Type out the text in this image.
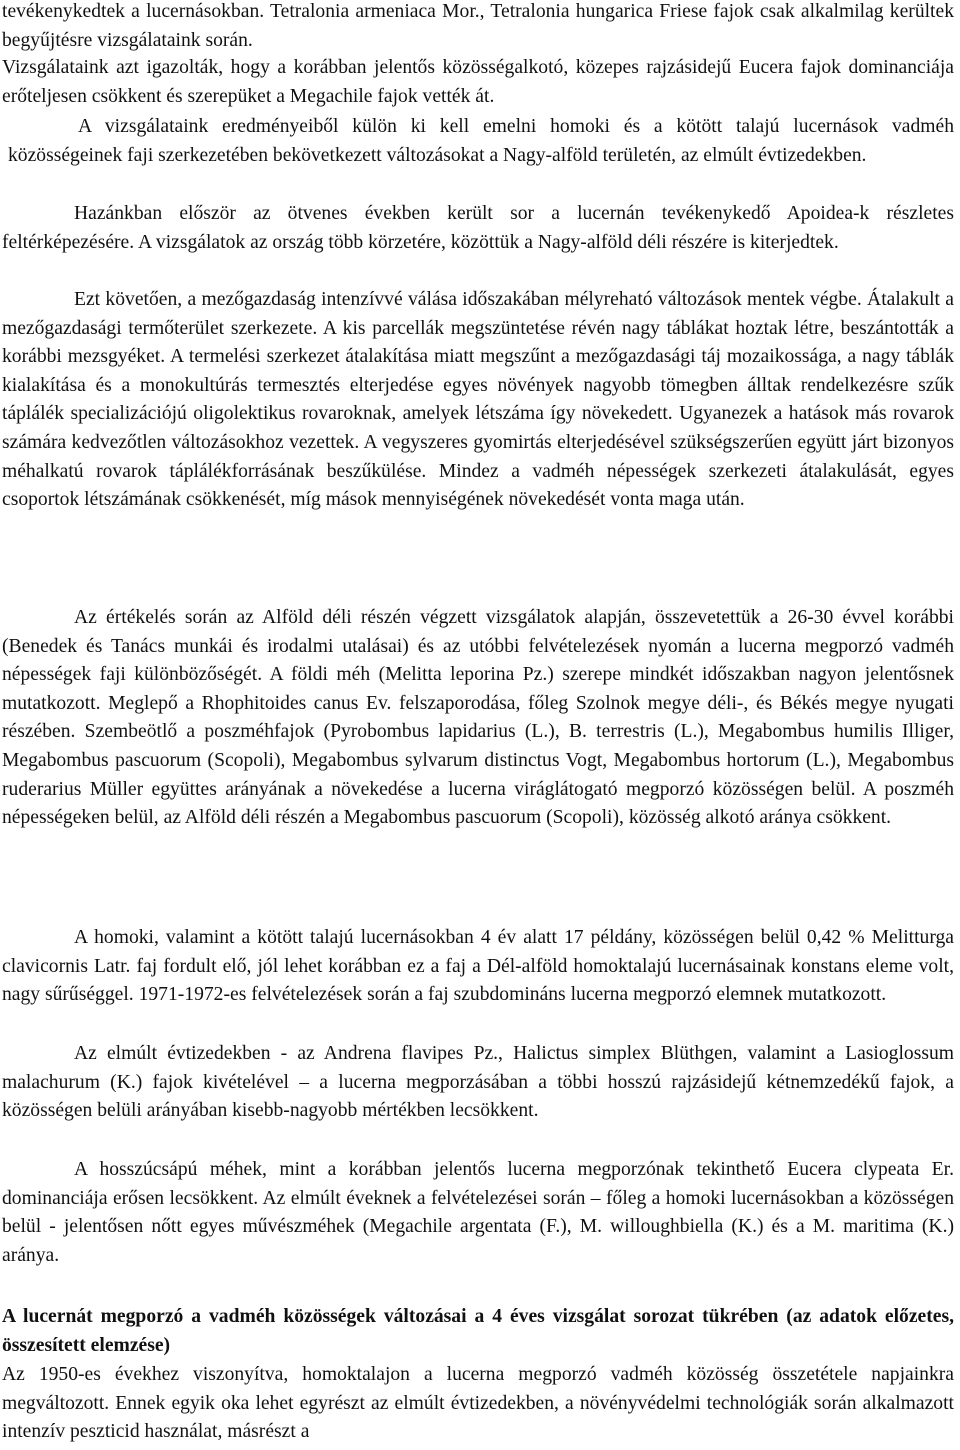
tevékenykedtek a lucernásokban. Tetralonia armeniaca Mor., Tetralonia hungarica Friese fajok csak alkalmilag kerültek begyűjtésre vizsgálataink során.

Vizsgálataink azt igazolták, hogy a korábban jelentős közösségalkotó, közepes rajzásidejű Eucera fajok dominanciája erőteljesen csökkent és szerepüket a Megachile fajok vették át.

A vizsgálataink eredményeiből külön ki kell emelni homoki és a kötött talajú lucernások vadméh közösségeinek faji szerkezetében bekövetkezett változásokat a Nagy-alföld területén, az elmúlt évtizedekben.

Hazánkban először az ötvenes években került sor a lucernán tevékenykedő Apoidea-k részletes feltérképezésére. A vizsgálatok az ország több körzetére, közöttük a Nagy-alföld déli részére is kiterjedtek.

Ezt követően, a mezőgazdaság intenzívvé válása időszakában mélyreható változások mentek végbe. Átalakult a mezőgazdasági termőterület szerkezete. A kis parcellák megszüntetése révén nagy táblákat hoztak létre, beszántották a korábbi mezsgyéket. A termelési szerkezet átalakítása miatt megszűnt a mezőgazdasági táj mozaikossága, a nagy táblák kialakítása és a monokultúrás termesztés elterjedése egyes növények nagyobb tömegben álltak rendelkezésre szűk táplálék specializációjú oligolektikus rovaroknak, amelyek létszáma így növekedett. Ugyanezek a hatások más rovarok számára kedvezőtlen változásokhoz vezettek. A vegyszeres gyomirtás elterjedésével szükségszerűen együtt járt bizonyos méhalkatú rovarok táplálékforrásának beszűkülése. Mindez a vadméh népességek szerkezeti átalakulását, egyes csoportok létszámának csökkenését, míg mások mennyiségének növekedését vonta maga után.

Az értékelés során az Alföld déli részén végzett vizsgálatok alapján, összevetettük a 26-30 évvel korábbi (Benedek és Tanács munkái és irodalmi utalásai) és az utóbbi felvételezések nyomán a lucerna megporzó vadméh népességek faji különbözőségét. A földi méh (Melitta leporina Pz.) szerepe mindkét időszakban nagyon jelentősnek mutatkozott. Meglepő a Rhophitoides canus Ev. felszaporodása, főleg Szolnok megye déli-, és Békés megye nyugati részében. Szembeötlő a poszméhfajok (Pyrobombus lapidarius (L.), B. terrestris (L.), Megabombus humilis Illiger, Megabombus pascuorum (Scopoli), Megabombus sylvarum distinctus Vogt, Megabombus hortorum (L.), Megabombus ruderarius Müller együttes arányának a növekedése a lucerna viráglátogató megporzó közösségen belül. A poszméh népességeken belül, az Alföld déli részén a Megabombus pascuorum (Scopoli), közösség alkotó aránya csökkent.

A homoki, valamint a kötött talajú lucernásokban 4 év alatt 17 példány, közösségen belül 0,42 % Melitturga clavicornis Latr. faj fordult elő, jól lehet korábban ez a faj a Dél-alföld homoktalajú lucernásainak konstans eleme volt, nagy sűrűséggel. 1971-1972-es felvételezések során a faj szubdomináns lucerna megporzó elemnek mutatkozott.

Az elmúlt évtizedekben - az Andrena flavipes Pz., Halictus simplex Blüthgen, valamint a Lasioglossum malachurum (K.) fajok kivételével – a lucerna megporzásában a többi hosszú rajzásidejű kétnemzedékű fajok, a közösségen belüli arányában kisebb-nagyobb mértékben lecsökkent.

A hosszúcsápú méhek, mint a korábban jelentős lucerna megporzónak tekinthető Eucera clypeata Er. dominanciája erősen lecsökkent. Az elmúlt éveknek a felvételezései során – főleg a homoki lucernásokban a közösségen belül - jelentősen nőtt egyes művészméhek (Megachile argentata (F.), M. willoughbiella (K.) és a M. maritima (K.) aránya.

A lucernát megporzó a vadméh közösségek változásai a 4 éves vizsgálat sorozat tükrében (az adatok előzetes, összesített elemzése)

Az 1950-es évekhez viszonyítva, homoktalajon a lucerna megporzó vadméh közösség összetétele napjainkra megváltozott. Ennek egyik oka lehet egyrészt az elmúlt évtizedekben, a növényvédelmi technológiák során alkalmazott intenzív peszticid használat, másrészt a
